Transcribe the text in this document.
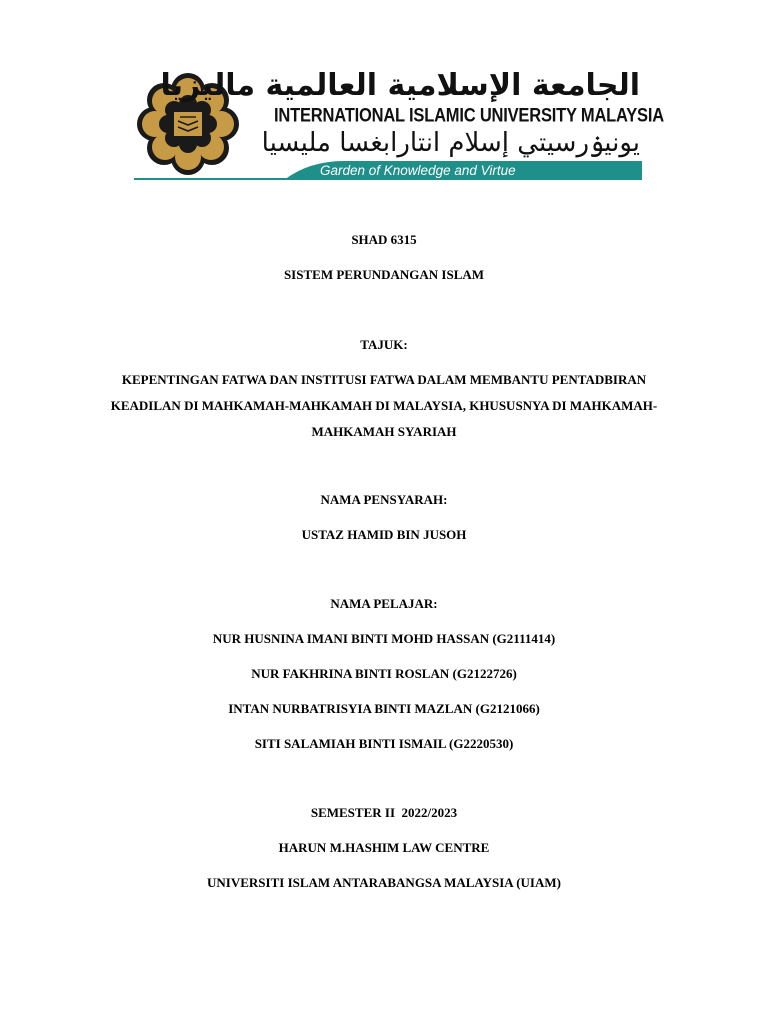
الجامعة الإسلامية العالمية ماليزيا
INTERNATIONAL ISLAMIC UNIVERSITY MALAYSIA
يونيۏرسيتي إسلام انتارابغسا مليسيا
Garden of Knowledge and Virtue
SHAD 6315
SISTEM PERUNDANGAN ISLAM
TAJUK:
KEPENTINGAN FATWA DAN INSTITUSI FATWA DALAM MEMBANTU PENTADBIRAN
KEADILAN DI MAHKAMAH-MAHKAMAH DI MALAYSIA, KHUSUSNYA DI MAHKAMAH-
MAHKAMAH SYARIAH
NAMA PENSYARAH:
USTAZ HAMID BIN JUSOH
NAMA PELAJAR:
NUR HUSNINA IMANI BINTI MOHD HASSAN (G2111414)
NUR FAKHRINA BINTI ROSLAN (G2122726)
INTAN NURBATRISYIA BINTI MAZLAN (G2121066)
SITI SALAMIAH BINTI ISMAIL (G2220530)
SEMESTER II  2022/2023
HARUN M.HASHIM LAW CENTRE
UNIVERSITI ISLAM ANTARABANGSA MALAYSIA (UIAM)
